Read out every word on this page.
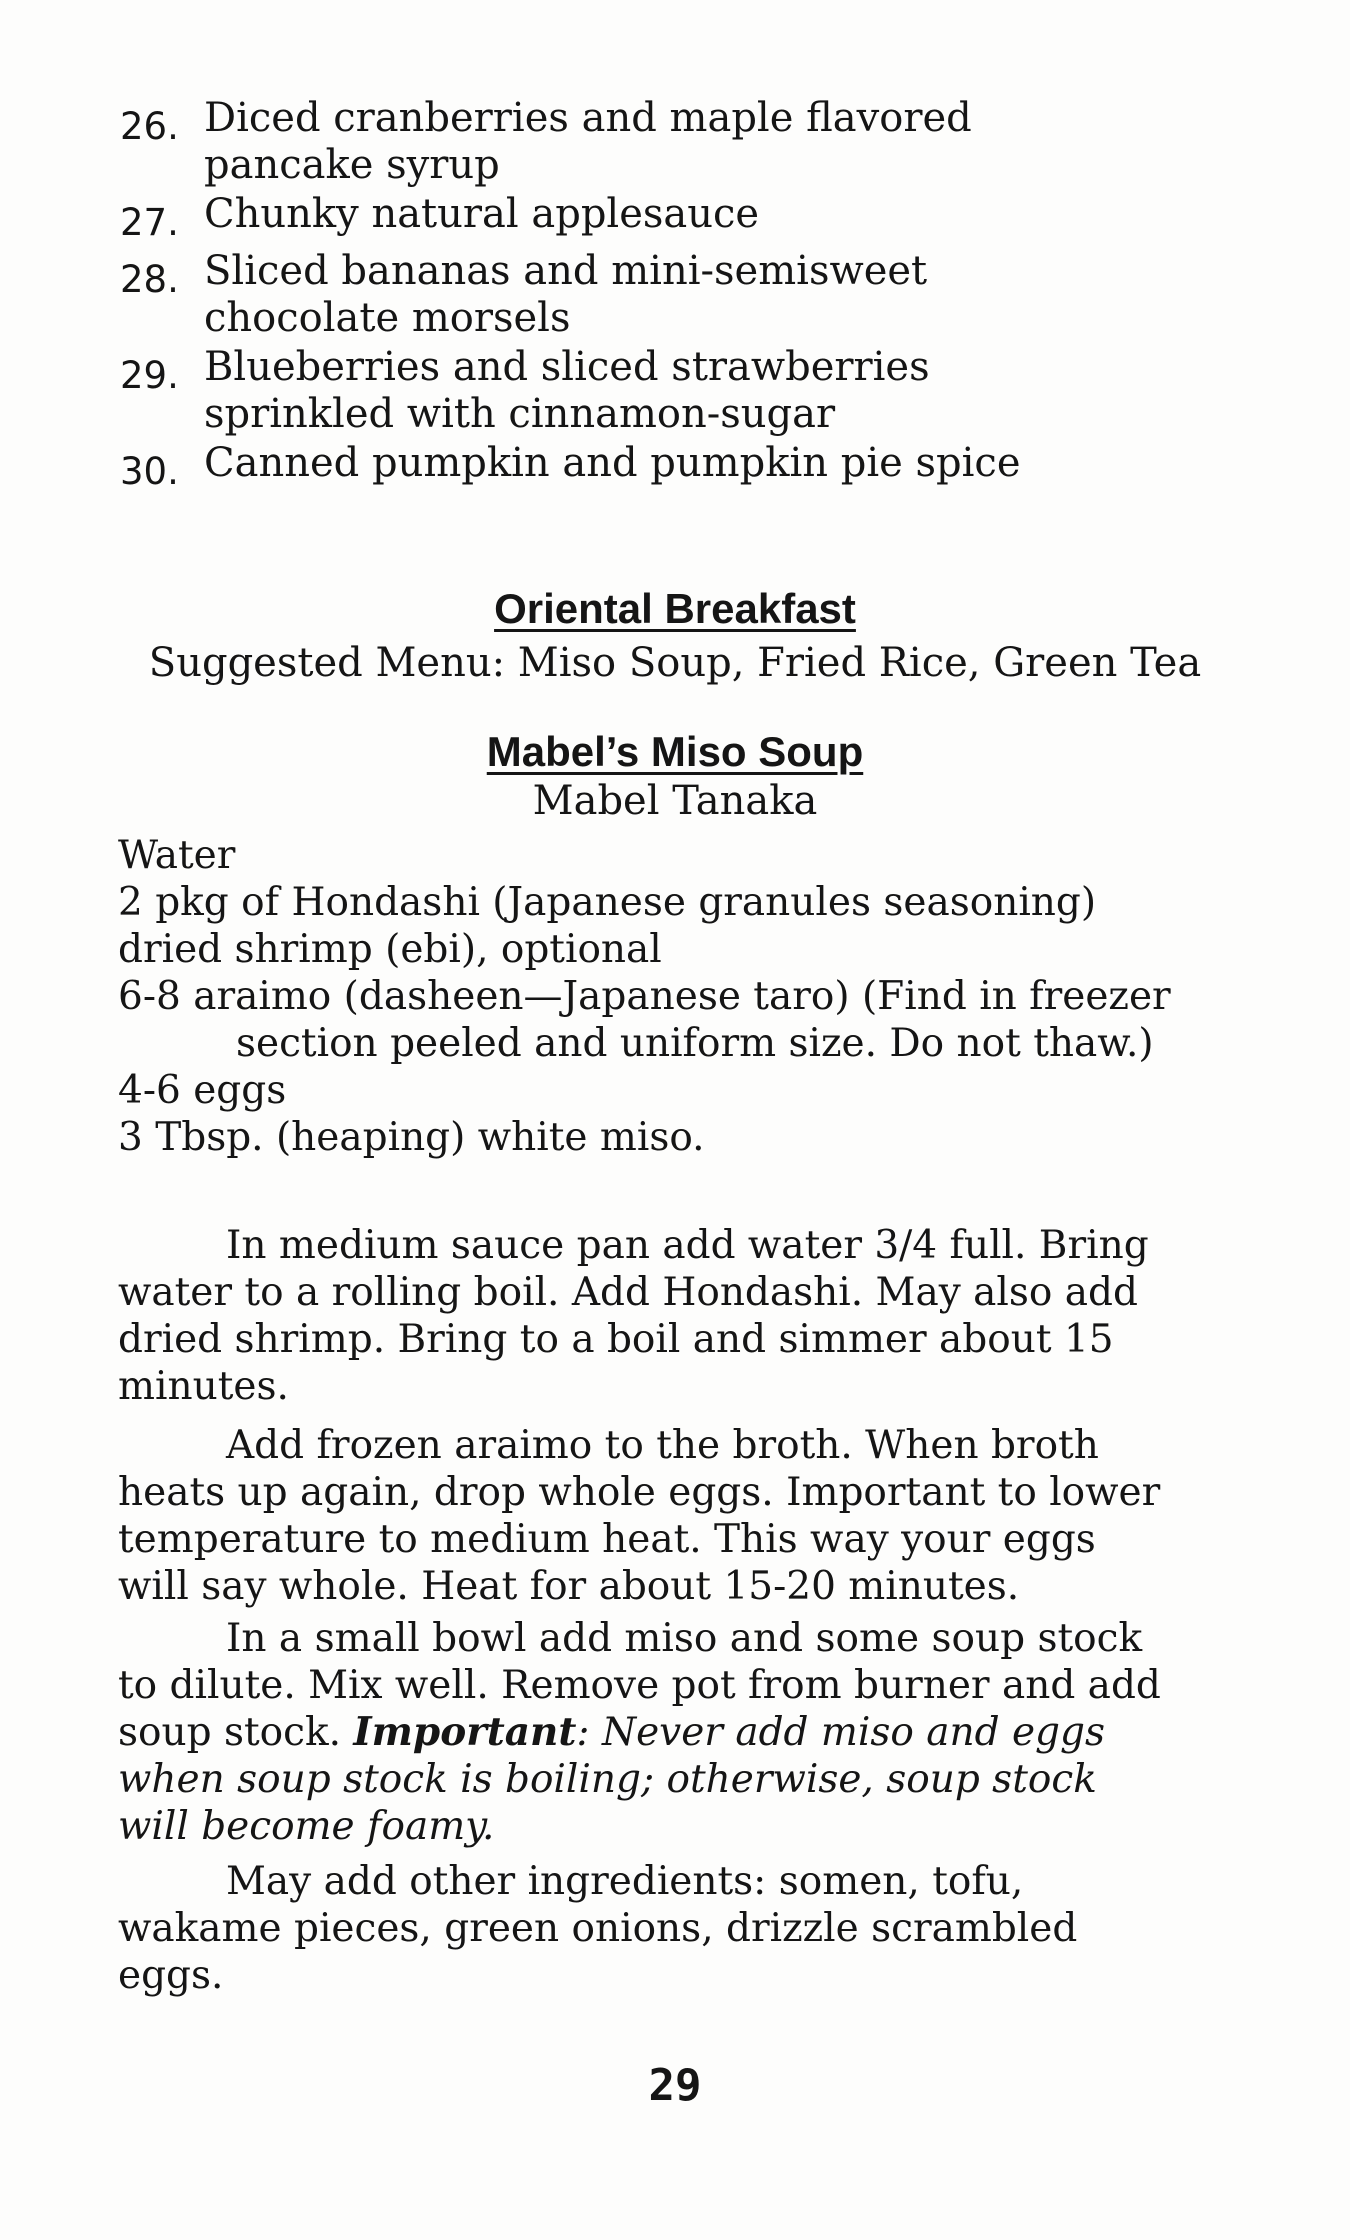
26. Diced cranberries and maple flavored pancake syrup
27. Chunky natural applesauce
28. Sliced bananas and mini-semisweet chocolate morsels
29. Blueberries and sliced strawberries sprinkled with cinnamon-sugar
30. Canned pumpkin and pumpkin pie spice
Oriental Breakfast
Suggested Menu: Miso Soup, Fried Rice, Green Tea
Mabel’s Miso Soup
Mabel Tanaka
Water
2 pkg of Hondashi (Japanese granules seasoning)
dried shrimp (ebi), optional
6-8 araimo (dasheen—Japanese taro) (Find in freezer
section peeled and uniform size. Do not thaw.)
4-6 eggs
3 Tbsp. (heaping) white miso.
In medium sauce pan add water 3/4 full. Bring water to a rolling boil. Add Hondashi. May also add dried shrimp. Bring to a boil and simmer about 15 minutes.
Add frozen araimo to the broth. When broth heats up again, drop whole eggs. Important to lower temperature to medium heat. This way your eggs will say whole. Heat for about 15-20 minutes.
In a small bowl add miso and some soup stock to dilute. Mix well. Remove pot from burner and add soup stock. Important: Never add miso and eggs when soup stock is boiling; otherwise, soup stock will become foamy.
May add other ingredients: somen, tofu, wakame pieces, green onions, drizzle scrambled eggs.
29
